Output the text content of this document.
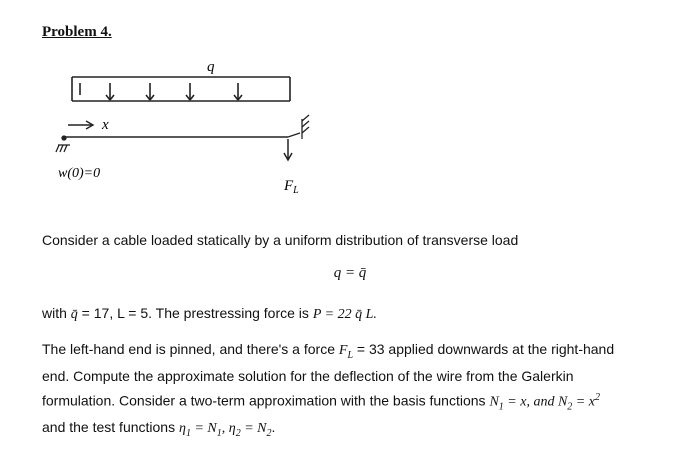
Problem 4.
q
x
$F_L$
w(0)=0
Consider a cable loaded statically by a uniform distribution of transverse load
q = q̄
with q̄ = 17, L = 5. The prestressing force is P = 22 q̄ L.
The left-hand end is pinned, and there's a force $F_L = 33$ applied downwards at the right-hand
end. Compute the approximate solution for the deflection of the wire from the Galerkin
formulation. Consider a two-term approximation with the basis functions $N_1 = x$, and $N_2 = x^2$
and the test functions $\eta_1 = N_1$, $\eta_2 = N_2$.
